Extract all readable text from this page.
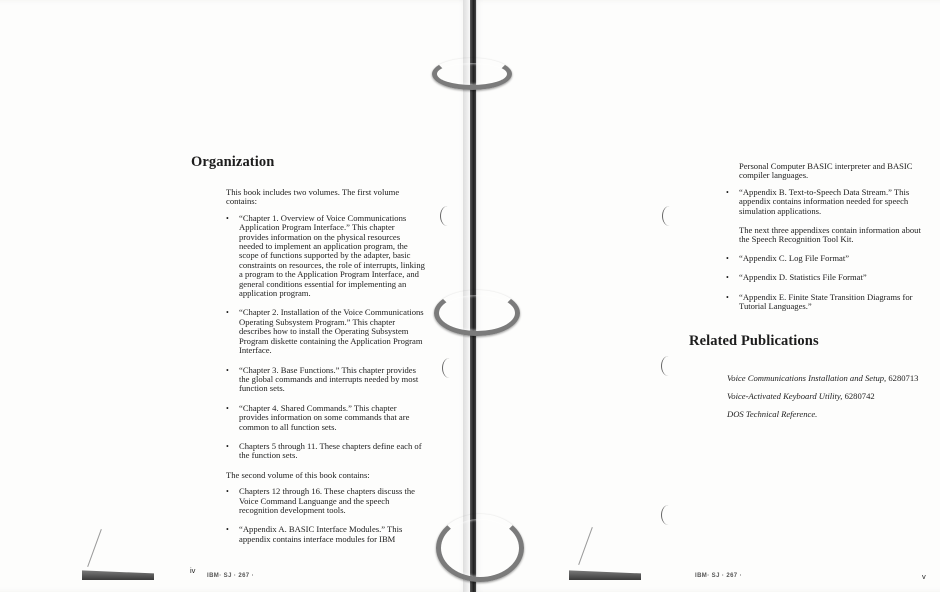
Organization

This book includes two volumes. The first volume contains:

• “Chapter 1. Overview of Voice Communications Application Program Interface.” This chapter provides information on the physical resources needed to implement an application program, the scope of functions supported by the adapter, basic constraints on resources, the role of interrupts, linking a program to the Application Program Interface, and general conditions essential for implementing an application program.
• “Chapter 2. Installation of the Voice Communications Operating Subsystem Program.” This chapter describes how to install the Operating Subsystem Program diskette containing the Application Program Interface.
• “Chapter 3. Base Functions.” This chapter provides the global commands and interrupts needed by most function sets.
• “Chapter 4. Shared Commands.” This chapter provides information on some commands that are common to all function sets.
• Chapters 5 through 11. These chapters define each of the function sets.

The second volume of this book contains:

• Chapters 12 through 16. These chapters discuss the Voice Command Languange and the speech recognition development tools.
• “Appendix A. BASIC Interface Modules.” This appendix contains interface modules for IBM
iv
IBM· SJ · 267 ·

Personal Computer BASIC interpreter and BASIC compiler languages.

• “Appendix B. Text-to-Speech Data Stream.” This appendix contains information needed for speech simulation applications.

The next three appendixes contain information about the Speech Recognition Tool Kit.

• “Appendix C. Log File Format”
• “Appendix D. Statistics File Format”
• “Appendix E. Finite State Transition Diagrams for Tutorial Languages.”
Related Publications

Voice Communications Installation and Setup, 6280713

Voice-Activated Keyboard Utility, 6280742

DOS Technical Reference.

IBM· SJ · 267 ·	v
